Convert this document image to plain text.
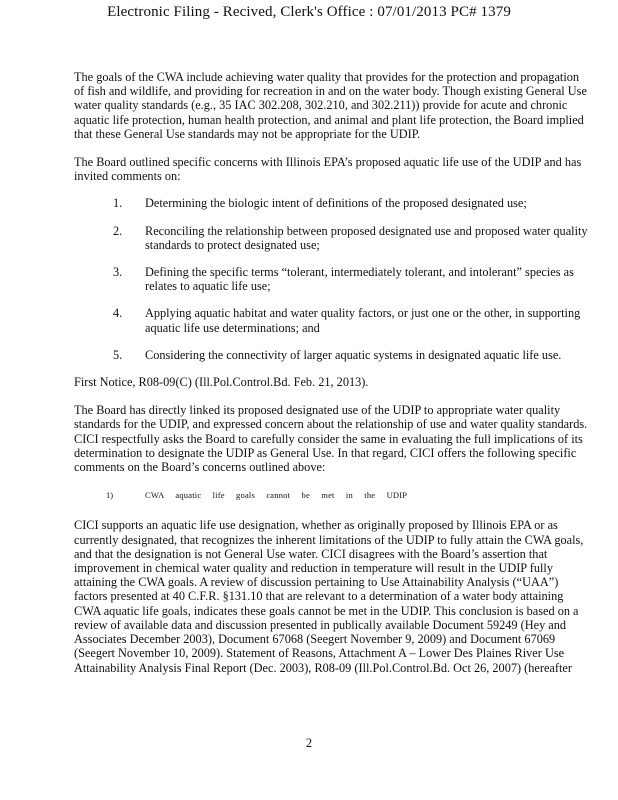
Electronic Filing - Recived, Clerk's Office : 07/01/2013 PC# 1379

The goals of the CWA include achieving water quality that provides for the protection and propagation of fish and wildlife, and providing for recreation in and on the water body. Though existing General Use water quality standards (e.g., 35 IAC 302.208, 302.210, and 302.211)) provide for acute and chronic aquatic life protection, human health protection, and animal and plant life protection, the Board implied that these General Use standards may not be appropriate for the UDIP.

The Board outlined specific concerns with Illinois EPA’s proposed aquatic life use of the UDIP and has invited comments on:

1.	Determining the biologic intent of definitions of the proposed designated use;
2.	Reconciling the relationship between proposed designated use and proposed water quality standards to protect designated use;
3.	Defining the specific terms “tolerant, intermediately tolerant, and intolerant” species as relates to aquatic life use;
4.	Applying aquatic habitat and water quality factors, or just one or the other, in supporting aquatic life use determinations; and
5.	Considering the connectivity of larger aquatic systems in designated aquatic life use.

First Notice, R08-09(C) (Ill.Pol.Control.Bd. Feb. 21, 2013).

The Board has directly linked its proposed designated use of the UDIP to appropriate water quality standards for the UDIP, and expressed concern about the relationship of use and water quality standards. CICI respectfully asks the Board to carefully consider the same in evaluating the full implications of its determination to designate the UDIP as General Use. In that regard, CICI offers the following specific comments on the Board’s concerns outlined above:

1)	CWA aquatic life goals cannot be met in the UDIP

CICI supports an aquatic life use designation, whether as originally proposed by Illinois EPA or as currently designated, that recognizes the inherent limitations of the UDIP to fully attain the CWA goals, and that the designation is not General Use water. CICI disagrees with the Board’s assertion that improvement in chemical water quality and reduction in temperature will result in the UDIP fully attaining the CWA goals. A review of discussion pertaining to Use Attainability Analysis (“UAA”) factors presented at 40 C.F.R. §131.10 that are relevant to a determination of a water body attaining CWA aquatic life goals, indicates these goals cannot be met in the UDIP. This conclusion is based on a review of available data and discussion presented in publically available Document 59249 (Hey and Associates December 2003), Document 67068 (Seegert November 9, 2009) and Document 67069 (Seegert November 10, 2009). Statement of Reasons, Attachment A – Lower Des Plaines River Use Attainability Analysis Final Report (Dec. 2003), R08-09 (Ill.Pol.Control.Bd. Oct 26, 2007) (hereafter

2
